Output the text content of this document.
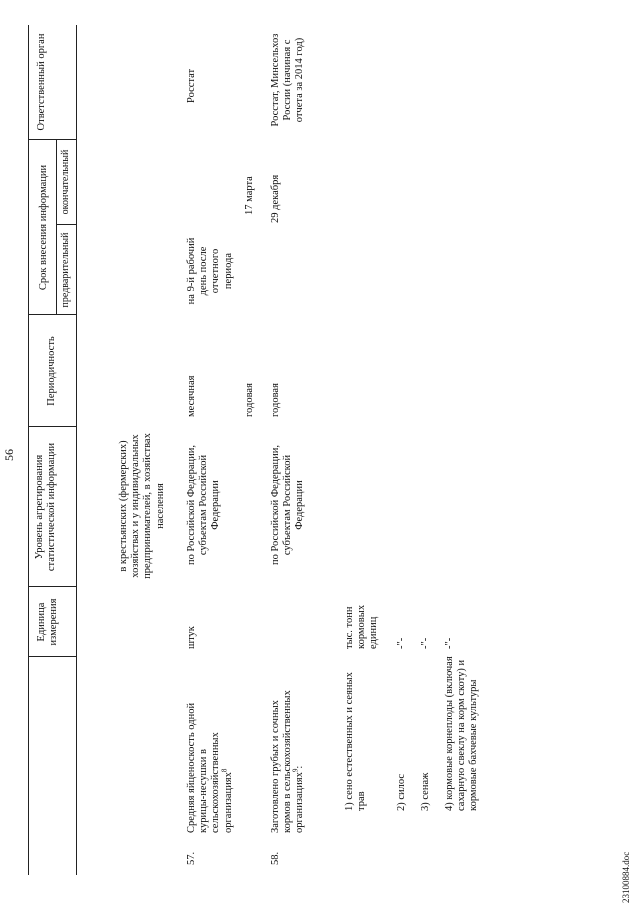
56
Единица измерения
Уровень агрегирования статистической информации
Периодичность
Срок внесения информации предварительный
окончательный
Ответственный орган
в крестьянских (фермерских) хозяйствах и у индивидуальных предпринимателей, в хозяйствах населения
57.
Средняя яйценоскость одной курицы-несушки в сельскохозяйственных организациях$^8$
штук
по Российской Федерации, субъектам Российской Федерации
месячная	годовая
на 9-й рабочий день после отчетного периода
17 марта
Росстат
58.
Заготовлено грубых и сочных кормов в сельскохозяйственных организациях$^9$:
по Российской Федерации, субъектам Российской Федерации
годовая
29 декабря
Росстат, Минсельхоз России (начиная с отчета за 2014 год)
1) сено естественных и сеяных трав
тыс. тонн кормовых единиц
2) силос
-"-
3) сенаж
-"-
4) кормовые корнеплоды (включая сахарную свеклу на корм скоту) и кормовые бахчевые культуры
-"-
23100884.doc
